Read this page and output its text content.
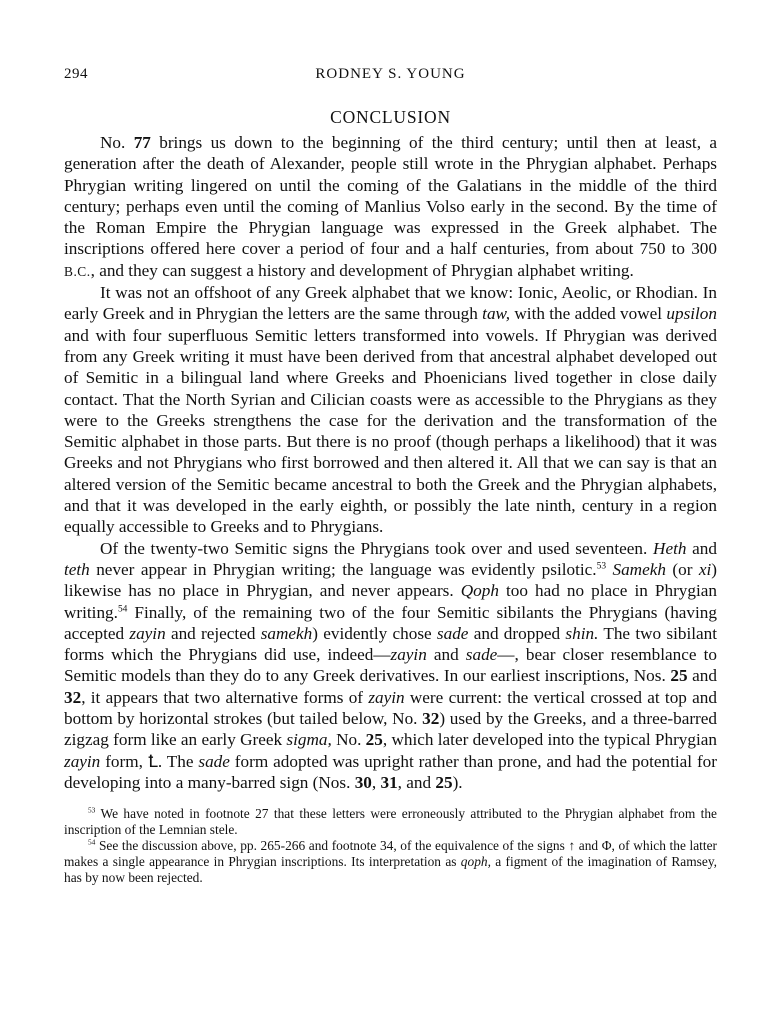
294	RODNEY S. YOUNG
CONCLUSION

No. 77 brings us down to the beginning of the third century; until then at least, a generation after the death of Alexander, people still wrote in the Phrygian alphabet. Perhaps Phrygian writing lingered on until the coming of the Galatians in the middle of the third century; perhaps even until the coming of Manlius Volso early in the second. By the time of the Roman Empire the Phrygian language was expressed in the Greek alphabet. The inscriptions offered here cover a period of four and a half centuries, from about 750 to 300 B.C., and they can suggest a history and development of Phrygian alphabet writing.

It was not an offshoot of any Greek alphabet that we know: Ionic, Aeolic, or Rhodian. In early Greek and in Phrygian the letters are the same through taw, with the added vowel upsilon and with four superfluous Semitic letters transformed into vowels. If Phrygian was derived from any Greek writing it must have been derived from that ancestral alphabet developed out of Semitic in a bilingual land where Greeks and Phoenicians lived together in close daily contact. That the North Syrian and Cilician coasts were as accessible to the Phrygians as they were to the Greeks strengthens the case for the derivation and the transformation of the Semitic alphabet in those parts. But there is no proof (though perhaps a likelihood) that it was Greeks and not Phrygians who first borrowed and then altered it. All that we can say is that an altered version of the Semitic became ancestral to both the Greek and the Phrygian alphabets, and that it was developed in the early eighth, or possibly the late ninth, century in a region equally accessible to Greeks and to Phrygians.

Of the twenty-two Semitic signs the Phrygians took over and used seventeen. Heth and teth never appear in Phrygian writing; the language was evidently psilotic.$^{53}$ Samekh (or xi) likewise has no place in Phrygian, and never appears. Qoph too had no place in Phrygian writing.$^{54}$ Finally, of the remaining two of the four Semitic sibilants the Phrygians (having accepted zayin and rejected samekh) evidently chose sade and dropped shin. The two sibilant forms which the Phrygians did use, indeed—zayin and sade—, bear closer resemblance to Semitic models than they do to any Greek derivatives. In our earliest inscriptions, Nos. 25 and 32, it appears that two alternative forms of zayin were current: the vertical crossed at top and bottom by horizontal strokes (but tailed below, No. 32) used by the Greeks, and a three-barred zigzag form like an early Greek sigma, No. 25, which later developed into the typical Phrygian zayin form, Ꝉ. The sade form adopted was upright rather than prone, and had the potential for developing into a many-barred sign (Nos. 30, 31, and 25).

$^{53}$ We have noted in footnote 27 that these letters were erroneously attributed to the Phrygian alphabet from the inscription of the Lemnian stele.

$^{54}$ See the discussion above, pp. 265-266 and footnote 34, of the equivalence of the signs ↑ and Φ, of which the latter makes a single appearance in Phrygian inscriptions. Its interpretation as qoph, a figment of the imagination of Ramsey, has by now been rejected.
